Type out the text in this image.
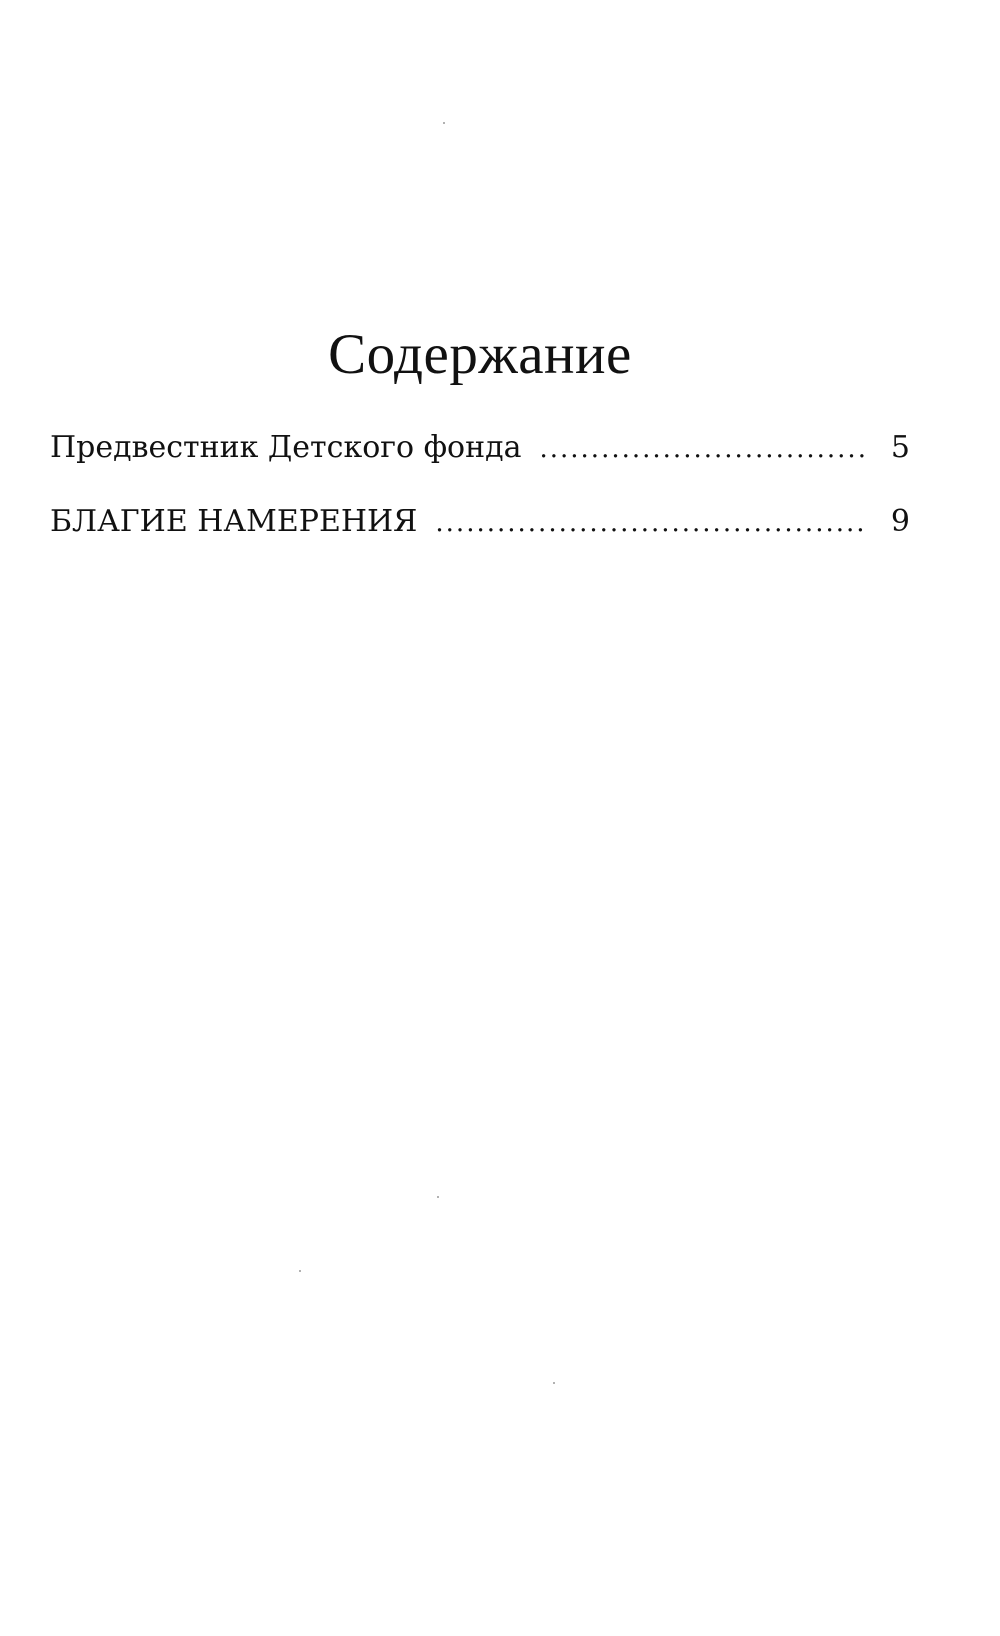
Содержание
Предвестник Детского фонда .....	5
БЛАГИЕ НАМЕРЕНИЯ .....	9
